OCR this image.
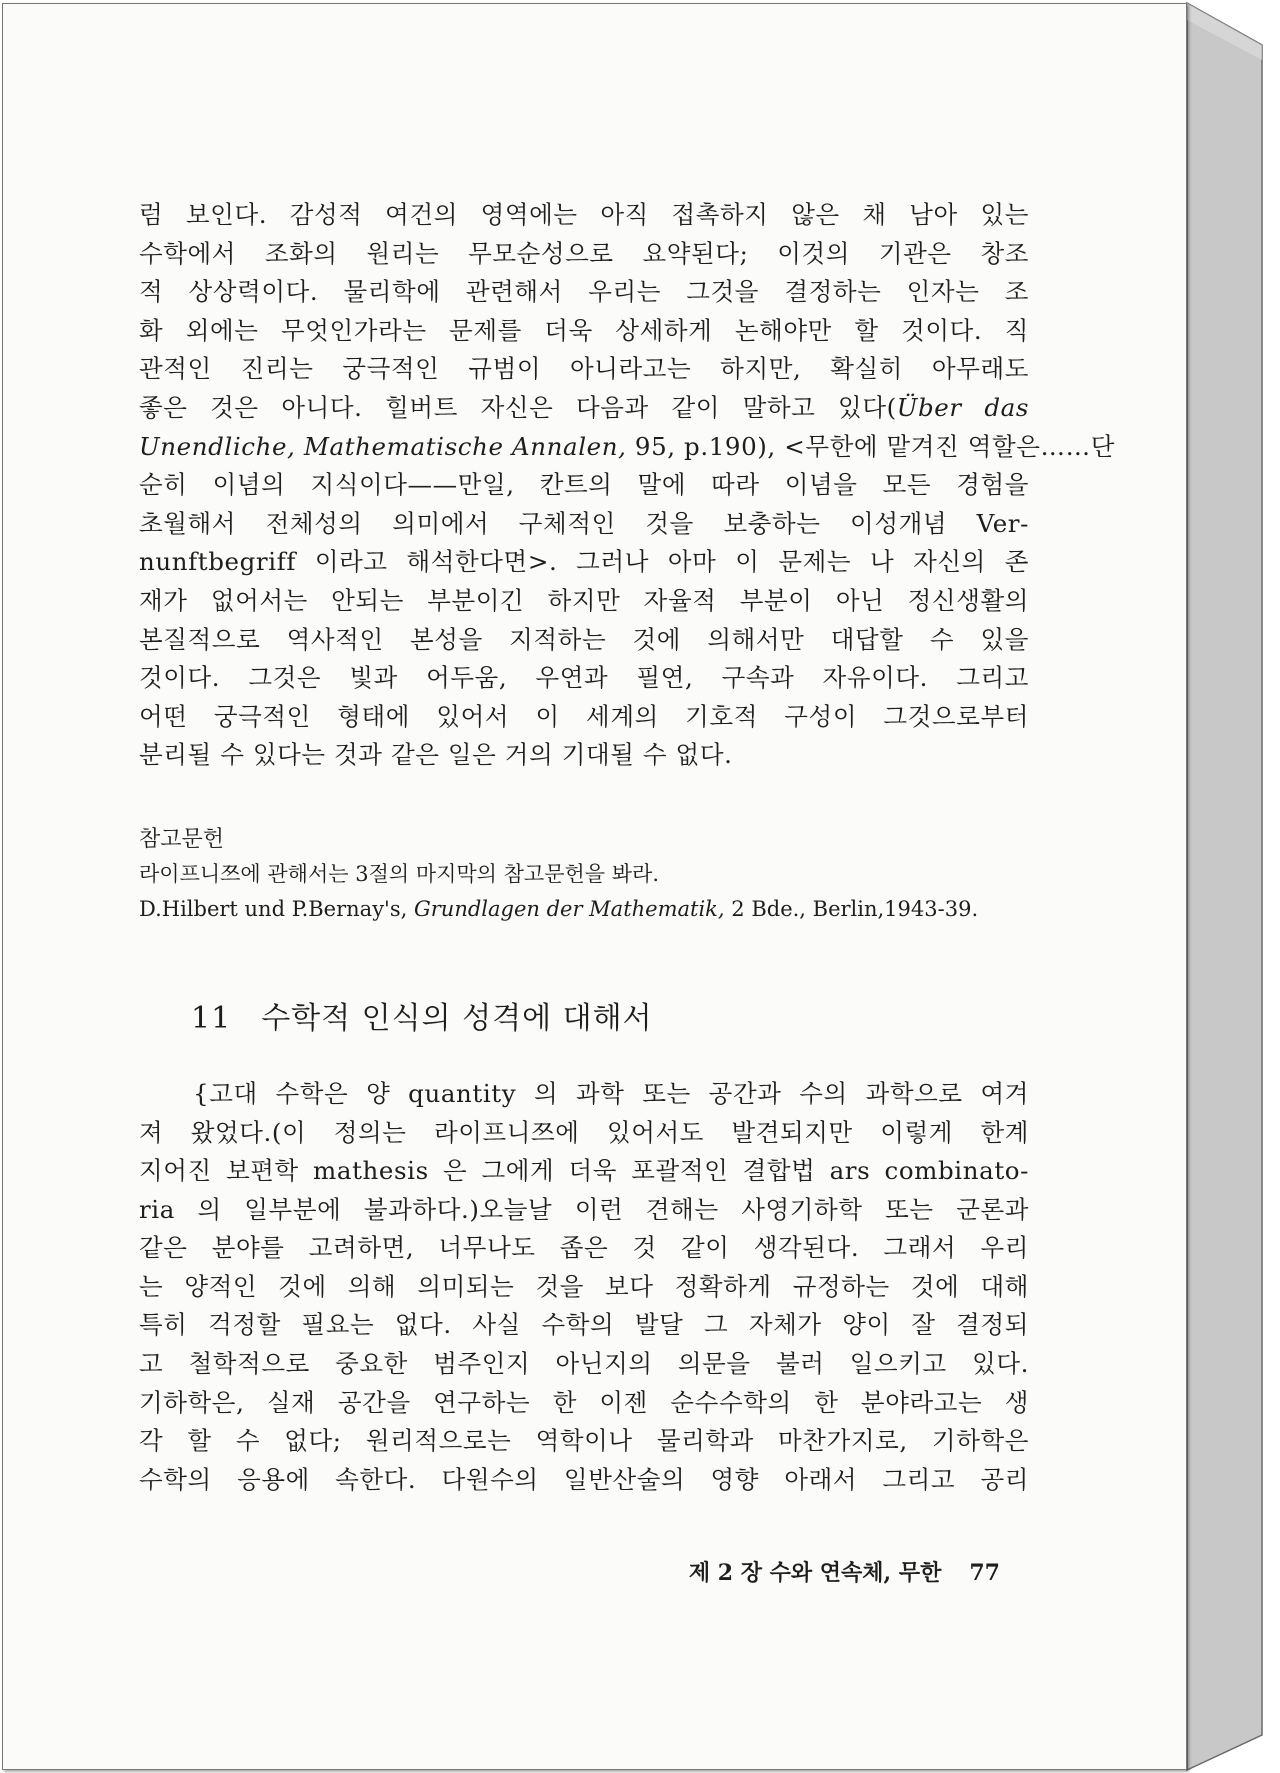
럼 보인다. 감성적 여건의 영역에는 아직 접촉하지 않은 채 남아 있는
수학에서 조화의 원리는 무모순성으로 요약된다; 이것의 기관은 창조
적 상상력이다. 물리학에 관련해서 우리는 그것을 결정하는 인자는 조
화 외에는 무엇인가라는 문제를 더욱 상세하게 논해야만 할 것이다. 직
관적인 진리는 궁극적인 규범이 아니라고는 하지만, 확실히 아무래도
좋은 것은 아니다. 힐버트 자신은 다음과 같이 말하고 있다(Über das
Unendliche, Mathematische Annalen, 95, p.190), <무한에 맡겨진 역할은……단
순히 이념의 지식이다——만일, 칸트의 말에 따라 이념을 모든 경험을
초월해서 전체성의 의미에서 구체적인 것을 보충하는 이성개념 Ver-
nunftbegriff 이라고 해석한다면>. 그러나 아마 이 문제는 나 자신의 존
재가 없어서는 안되는 부분이긴 하지만 자율적 부분이 아닌 정신생활의
본질적으로 역사적인 본성을 지적하는 것에 의해서만 대답할 수 있을
것이다. 그것은 빛과 어두움, 우연과 필연, 구속과 자유이다. 그리고
어떤 궁극적인 형태에 있어서 이 세계의 기호적 구성이 그것으로부터
분리될 수 있다는 것과 같은 일은 거의 기대될 수 없다.
참고문헌
라이프니쯔에 관해서는 3절의 마지막의 참고문헌을 봐라.
D.Hilbert und P.Bernay's, Grundlagen der Mathematik, 2 Bde., Berlin,1943-39.
11 수학적 인식의 성격에 대해서
{고대 수학은 양 quantity 의 과학 또는 공간과 수의 과학으로 여겨
져 왔었다.(이 정의는 라이프니쯔에 있어서도 발견되지만 이렇게 한계
지어진 보편학 mathesis 은 그에게 더욱 포괄적인 결합법 ars combinato-
ria 의 일부분에 불과하다.)오늘날 이런 견해는 사영기하학 또는 군론과
같은 분야를 고려하면, 너무나도 좁은 것 같이 생각된다. 그래서 우리
는 양적인 것에 의해 의미되는 것을 보다 정확하게 규정하는 것에 대해
특히 걱정할 필요는 없다. 사실 수학의 발달 그 자체가 양이 잘 결정되
고 철학적으로 중요한 범주인지 아닌지의 의문을 불러 일으키고 있다.
기하학은, 실재 공간을 연구하는 한 이젠 순수수학의 한 분야라고는 생
각 할 수 없다; 원리적으로는 역학이나 물리학과 마찬가지로, 기하학은
수학의 응용에 속한다. 다원수의 일반산술의 영향 아래서 그리고 공리
제 2 장 수와 연속체, 무한 77
